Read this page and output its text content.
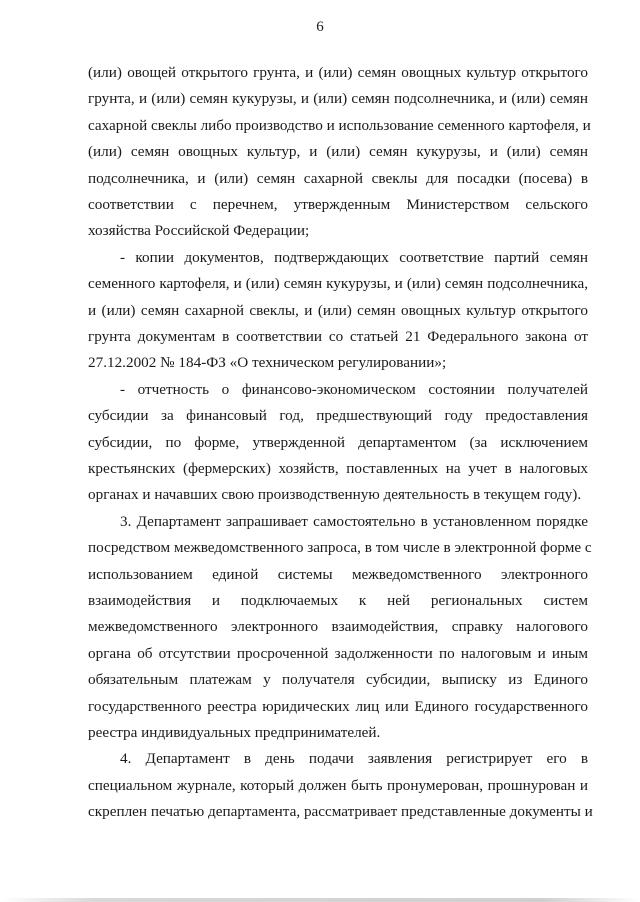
6
(или) овощей открытого грунта, и (или) семян овощных культур открытого
грунта, и (или) семян кукурузы, и (или) семян подсолнечника, и (или) семян
сахарной свеклы либо производство и использование семенного картофеля, и
(или) семян овощных культур, и (или) семян кукурузы, и (или) семян
подсолнечника, и (или) семян сахарной свеклы для посадки (посева) в
соответствии с перечнем, утвержденным Министерством сельского
хозяйства Российской Федерации;
- копии документов, подтверждающих соответствие партий семян
семенного картофеля, и (или) семян кукурузы, и (или) семян подсолнечника,
и (или) семян сахарной свеклы, и (или) семян овощных культур открытого
грунта документам в соответствии со статьей 21 Федерального закона от
27.12.2002 № 184-ФЗ «О техническом регулировании»;
- отчетность о финансово-экономическом состоянии получателей
субсидии за финансовый год, предшествующий году предоставления
субсидии, по форме, утвержденной департаментом (за исключением
крестьянских (фермерских) хозяйств, поставленных на учет в налоговых
органах и начавших свою производственную деятельность в текущем году).
3. Департамент запрашивает самостоятельно в установленном порядке
посредством межведомственного запроса, в том числе в электронной форме с
использованием единой системы межведомственного электронного
взаимодействия и подключаемых к ней региональных систем
межведомственного электронного взаимодействия, справку налогового
органа об отсутствии просроченной задолженности по налоговым и иным
обязательным платежам у получателя субсидии, выписку из Единого
государственного реестра юридических лиц или Единого государственного
реестра индивидуальных предпринимателей.
4. Департамент в день подачи заявления регистрирует его в
специальном журнале, который должен быть пронумерован, прошнурован и
скреплен печатью департамента, рассматривает представленные документы и
